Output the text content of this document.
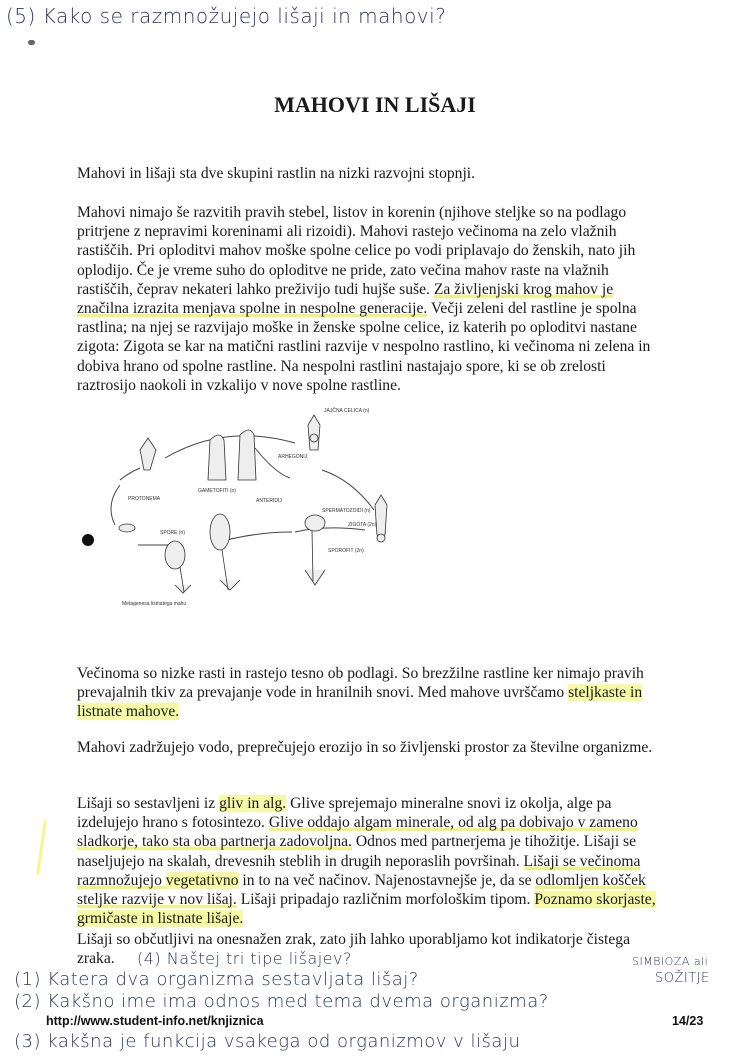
(5) Kako se razmnožujejo lišaji in mahovi?
MAHOVI IN LIŠAJI
Mahovi in lišaji sta dve skupini rastlin na nizki razvojni stopnji.
Mahovi nimajo še razvitih pravih stebel, listov in korenin (njihove steljke so na podlago
pritrjene z nepravimi koreninami ali rizoidi). Mahovi rastejo večinoma na zelo vlažnih
rastiščih. Pri oploditvi mahov moške spolne celice po vodi priplavajo do ženskih, nato jih
oplodijo. Če je vreme suho do oploditve ne pride, zato večina mahov raste na vlažnih
rastiščih, čeprav nekateri lahko preživijo tudi hujše suše. Za življenjski krog mahov je
značilna izrazita menjava spolne in nespolne generacije. Večji zeleni del rastline je spolna
rastlina; na njej se razvijajo moške in ženske spolne celice, iz katerih po oploditvi nastane
zigota: Zigota se kar na matični rastlini razvije v nespolno rastlino, ki večinoma ni zelena in
dobiva hrano od spolne rastline. Na nespolni rastlini nastajajo spore, ki se ob zrelosti
raztrosijo naokoli in vzkalijo v nove spolne rastline.
Večinoma so nizke rasti in rastejo tesno ob podlagi. So brezžilne rastline ker nimajo pravih
prevajalnih tkiv za prevajanje vode in hranilnih snovi. Med mahove uvrščamo steljkaste in
listnate mahove.
Mahovi zadržujejo vodo, preprečujejo erozijo in so življenski prostor za številne organizme.
Lišaji so sestavljeni iz gliv in alg. Glive sprejemajo mineralne snovi iz okolja, alge pa
izdelujejo hrano s fotosintezo. Glive oddajo algam minerale, od alg pa dobivajo v zameno
sladkorje, tako sta oba partnerja zadovoljna. Odnos med partnerjema je tihožitje. Lišaji se
naseljujejo na skalah, drevesnih steblih in drugih neporaslih površinah. Lišaji se večinoma
razmnožujejo vegetativno in to na več načinov. Najenostavnejše je, da se odlomljen košček
steljke razvije v nov lišaj. Lišaji pripadajo različnim morfološkim tipom. Poznamo skorjaste,
grmičaste in listnate lišaje.
Lišaji so občutljivi na onesnažen zrak, zato jih lahko uporabljamo kot indikatorje čistega
zraka.
JAJČNA CELICA (n)
ARHEGONIJ
GAMETOFITI (n)
ANTERIDIJ
SPERMATOZOIDI (n)
ZIGOTA (2n)
SPOROFIT (2n)
SPORE (n)
PROTONEMA
Metagenesa listnatega mahu
(4) Naštej tri tipe lišajev?	SIMBIOZA ali
SOŽITJE
(1) Katera dva organizma sestavljata lišaj?
(2) Kakšno ime ima odnos med tema dvema organizma?
http://www.student-info.net/knjiznica	14/23
(3) kakšna je funkcija vsakega od organizmov v lišaju
